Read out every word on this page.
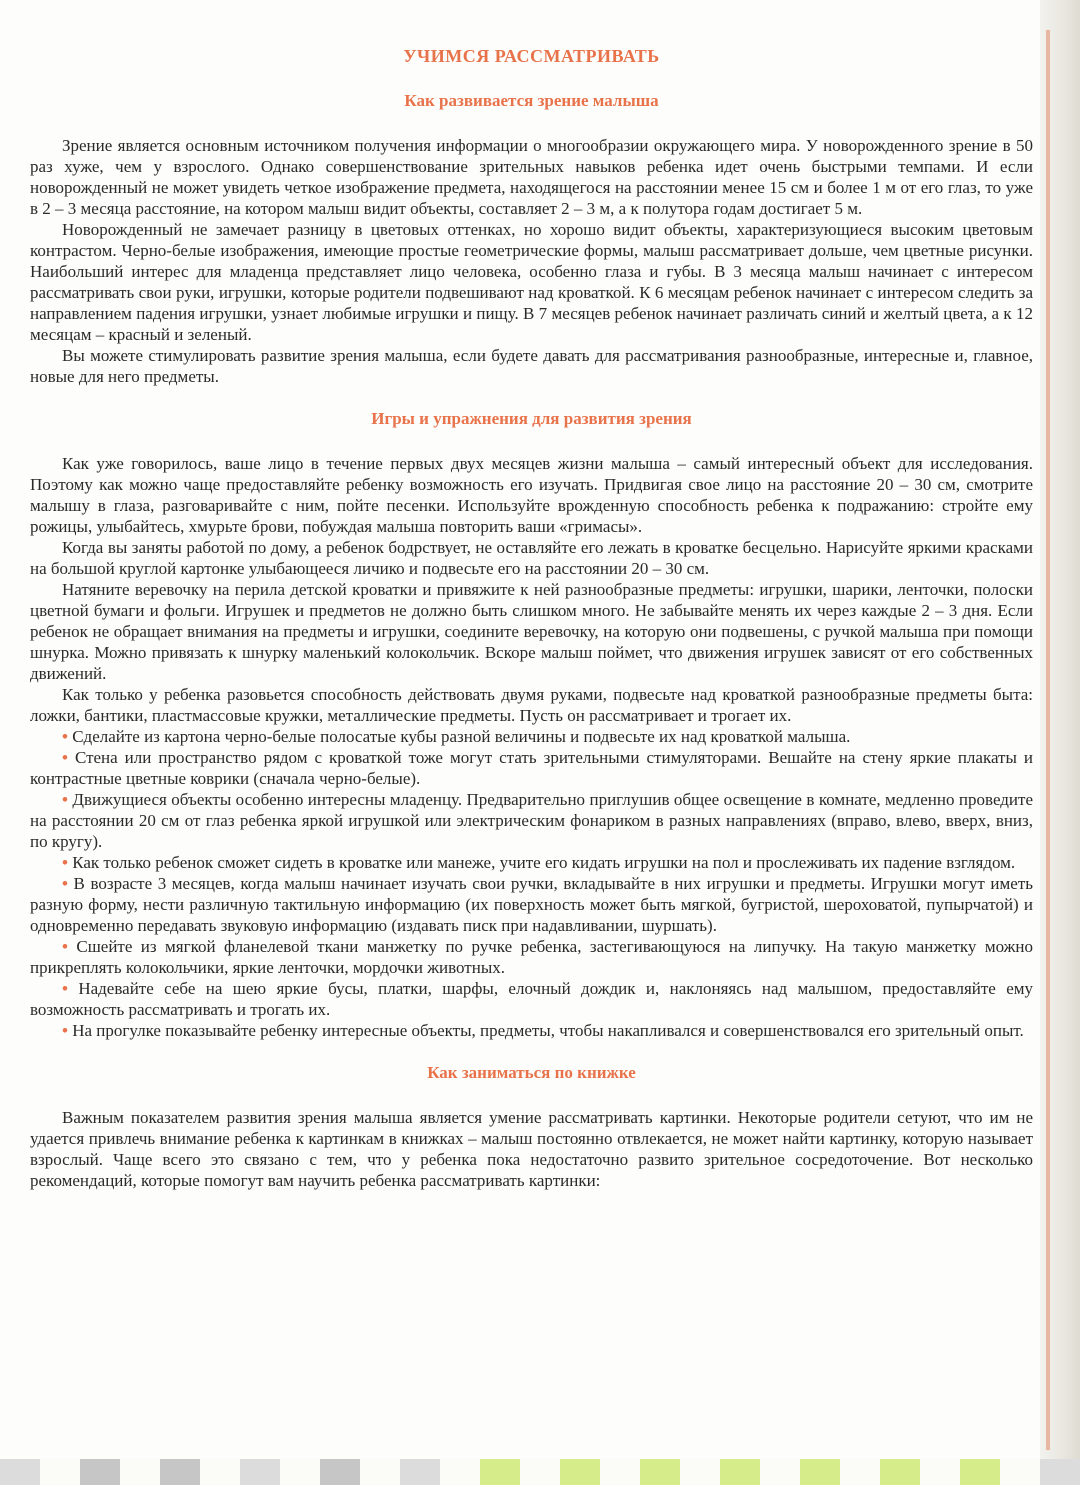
УЧИМСЯ РАССМАТРИВАТЬ
Как развивается зрение малыша

Зрение является основным источником получения информации о многообразии окружающего мира. У новорожденного зрение в 50 раз хуже, чем у взрослого. Однако совершенствование зрительных навыков ребенка идет очень быстрыми темпами. И если новорожденный не может увидеть четкое изображение предмета, находящегося на расстоянии менее 15 см и более 1 м от его глаз, то уже в 2 – 3 месяца расстояние, на котором малыш видит объекты, составляет 2 – 3 м, а к полутора годам достигает 5 м.

Новорожденный не замечает разницу в цветовых оттенках, но хорошо видит объекты, характеризующиеся высоким цветовым контрастом. Черно-белые изображения, имеющие простые геометрические формы, малыш рассматривает дольше, чем цветные рисунки. Наибольший интерес для младенца представляет лицо человека, особенно глаза и губы. В 3 месяца малыш начинает с интересом рассматривать свои руки, игрушки, которые родители подвешивают над кроваткой. К 6 месяцам ребенок начинает с интересом следить за направлением падения игрушки, узнает любимые игрушки и пищу. В 7 месяцев ребенок начинает различать синий и желтый цвета, а к 12 месяцам – красный и зеленый.

Вы можете стимулировать развитие зрения малыша, если будете давать для рассматривания разнообразные, интересные и, главное, новые для него предметы.

Игры и упражнения для развития зрения

Как уже говорилось, ваше лицо в течение первых двух месяцев жизни малыша – самый интересный объект для исследования. Поэтому как можно чаще предоставляйте ребенку возможность его изучать. Придвигая свое лицо на расстояние 20 – 30 см, смотрите малышу в глаза, разговаривайте с ним, пойте песенки. Используйте врожденную способность ребенка к подражанию: стройте ему рожицы, улыбайтесь, хмурьте брови, побуждая малыша повторить ваши «гримасы».

Когда вы заняты работой по дому, а ребенок бодрствует, не оставляйте его лежать в кроватке бесцельно. Нарисуйте яркими красками на большой круглой картонке улыбающееся личико и подвесьте его на расстоянии 20 – 30 см.

Натяните веревочку на перила детской кроватки и привяжите к ней разнообразные предметы: игрушки, шарики, ленточки, полоски цветной бумаги и фольги. Игрушек и предметов не должно быть слишком много. Не забывайте менять их через каждые 2 – 3 дня. Если ребенок не обращает внимания на предметы и игрушки, соедините веревочку, на которую они подвешены, с ручкой малыша при помощи шнурка. Можно привязать к шнурку маленький колокольчик. Вскоре малыш поймет, что движения игрушек зависят от его собственных движений.

Как только у ребенка разовьется способность действовать двумя руками, подвесьте над кроваткой разнообразные предметы быта: ложки, бантики, пластмассовые кружки, металлические предметы. Пусть он рассматривает и трогает их.

• Сделайте из картона черно-белые полосатые кубы разной величины и подвесьте их над кроваткой малыша.

• Стена или пространство рядом с кроваткой тоже могут стать зрительными стимуляторами. Вешайте на стену яркие плакаты и контрастные цветные коврики (сначала черно-белые).

• Движущиеся объекты особенно интересны младенцу. Предварительно приглушив общее освещение в комнате, медленно проведите на расстоянии 20 см от глаз ребенка яркой игрушкой или электрическим фонариком в разных направлениях (вправо, влево, вверх, вниз, по кругу).

• Как только ребенок сможет сидеть в кроватке или манеже, учите его кидать игрушки на пол и прослеживать их падение взглядом.

• В возрасте 3 месяцев, когда малыш начинает изучать свои ручки, вкладывайте в них игрушки и предметы. Игрушки могут иметь разную форму, нести различную тактильную информацию (их поверхность может быть мягкой, бугристой, шероховатой, пупырчатой) и одновременно передавать звуковую информацию (издавать писк при надавливании, шуршать).

• Сшейте из мягкой фланелевой ткани манжетку по ручке ребенка, застегивающуюся на липучку. На такую манжетку можно прикреплять колокольчики, яркие ленточки, мордочки животных.

• Надевайте себе на шею яркие бусы, платки, шарфы, елочный дождик и, наклоняясь над малышом, предоставляйте ему возможность рассматривать и трогать их.

• На прогулке показывайте ребенку интересные объекты, предметы, чтобы накапливался и совершенствовался его зрительный опыт.

Как заниматься по книжке

Важным показателем развития зрения малыша является умение рассматривать картинки. Некоторые родители сетуют, что им не удается привлечь внимание ребенка к картинкам в книжках – малыш постоянно отвлекается, не может найти картинку, которую называет взрослый. Чаще всего это связано с тем, что у ребенка пока недостаточно развито зрительное сосредоточение. Вот несколько рекомендаций, которые помогут вам научить ребенка рассматривать картинки:
